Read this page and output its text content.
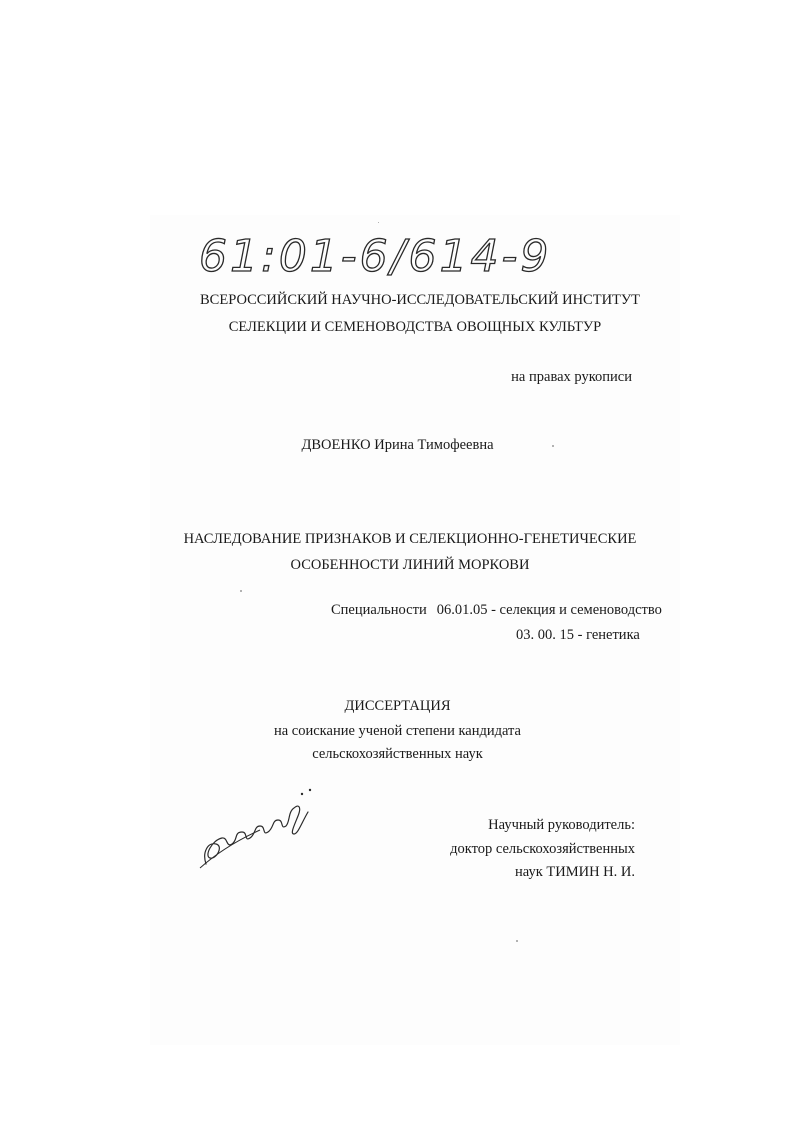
61:01-6/614-9
ВСЕРОССИЙСКИЙ НАУЧНО-ИССЛЕДОВАТЕЛЬСКИЙ ИНСТИТУТ
СЕЛЕКЦИИ И СЕМЕНОВОДСТВА ОВОЩНЫХ КУЛЬТУР
на правах рукописи
ДВОЕНКО Ирина Тимофеевна
НАСЛЕДОВАНИЕ ПРИЗНАКОВ И СЕЛЕКЦИОННО-ГЕНЕТИЧЕСКИЕ
ОСОБЕННОСТИ ЛИНИЙ МОРКОВИ
Специальности 06.01.05 - селекция и семеноводство
03. 00. 15 - генетика
ДИССЕРТАЦИЯ
на соискание ученой степени кандидата
сельскохозяйственных наук
Научный руководитель:
доктор сельскохозяйственных
наук ТИМИН Н. И.
